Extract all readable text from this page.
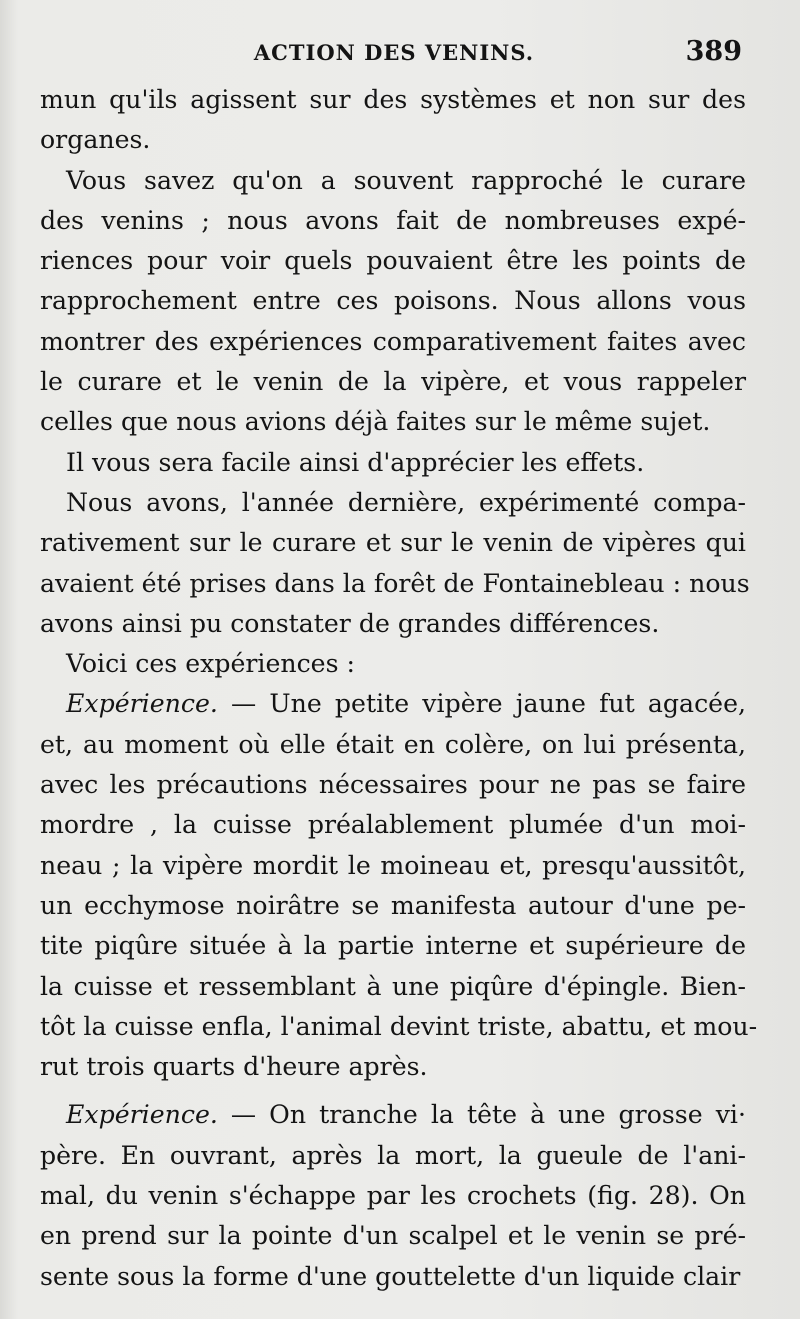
ACTION DES VENINS.	389
mun qu'ils agissent sur des systèmes et non sur des
organes.
Vous savez qu'on a souvent rapproché le curare
des venins ; nous avons fait de nombreuses expé-
riences pour voir quels pouvaient être les points de
rapprochement entre ces poisons. Nous allons vous
montrer des expériences comparativement faites avec
le curare et le venin de la vipère, et vous rappeler
celles que nous avions déjà faites sur le même sujet.
Il vous sera facile ainsi d'apprécier les effets.
Nous avons, l'année dernière, expérimenté compa-
rativement sur le curare et sur le venin de vipères qui
avaient été prises dans la forêt de Fontainebleau : nous
avons ainsi pu constater de grandes différences.
Voici ces expériences :
Expérience. — Une petite vipère jaune fut agacée,
et, au moment où elle était en colère, on lui présenta,
avec les précautions nécessaires pour ne pas se faire
mordre , la cuisse préalablement plumée d'un moi-
neau ; la vipère mordit le moineau et, presqu'aussitôt,
un ecchymose noirâtre se manifesta autour d'une pe-
tite piqûre située à la partie interne et supérieure de
la cuisse et ressemblant à une piqûre d'épingle. Bien-
tôt la cuisse enfla, l'animal devint triste, abattu, et mou-
rut trois quarts d'heure après.
Expérience. — On tranche la tête à une grosse vi·
père. En ouvrant, après la mort, la gueule de l'ani-
mal, du venin s'échappe par les crochets (fig. 28). On
en prend sur la pointe d'un scalpel et le venin se pré-
sente sous la forme d'une gouttelette d'un liquide clair
